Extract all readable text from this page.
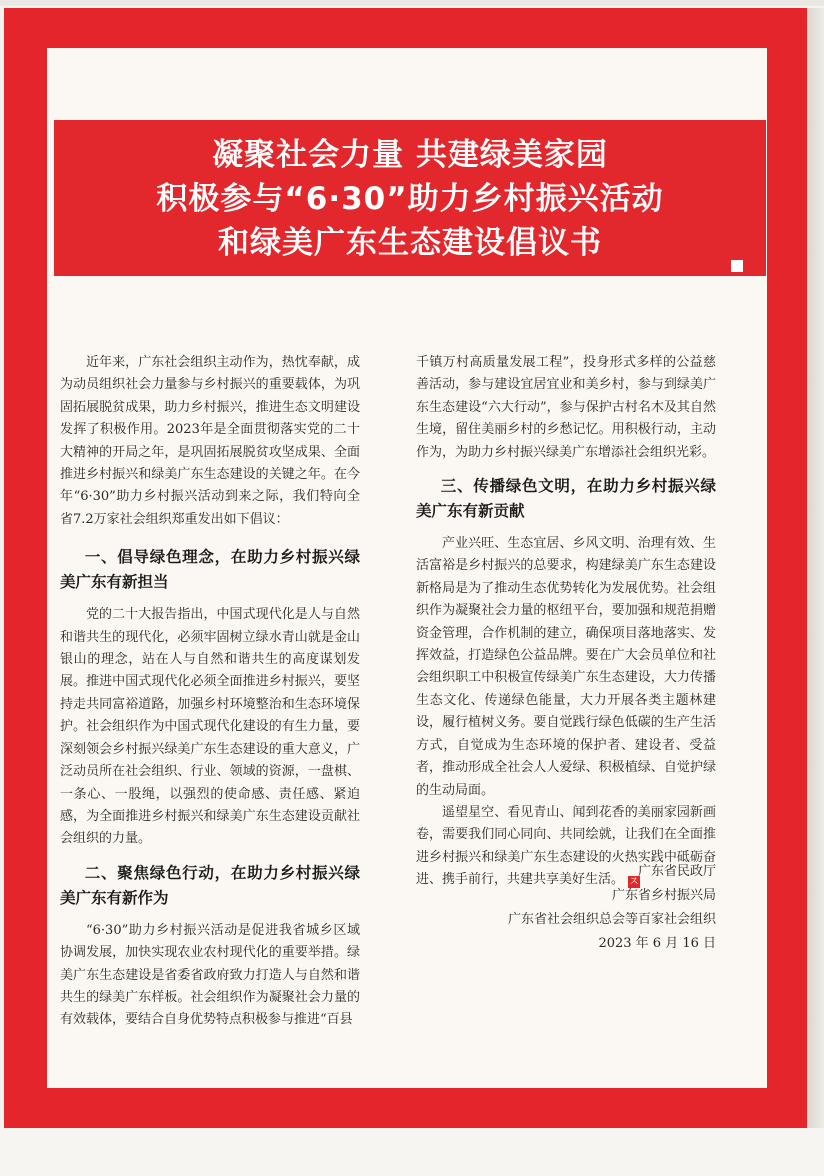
凝聚社会力量 共建绿美家园
积极参与“6·30”助力乡村振兴活动
和绿美广东生态建设倡议书

近年来，广东社会组织主动作为，热忱奉献，成为动员组织社会力量参与乡村振兴的重要载体，为巩固拓展脱贫成果，助力乡村振兴，推进生态文明建设发挥了积极作用。2023年是全面贯彻落实党的二十大精神的开局之年，是巩固拓展脱贫攻坚成果、全面推进乡村振兴和绿美广东生态建设的关键之年。在今年“6·30”助力乡村振兴活动到来之际，我们特向全省7.2万家社会组织郑重发出如下倡议：

一、倡导绿色理念，在助力乡村振兴绿美广东有新担当

党的二十大报告指出，中国式现代化是人与自然和谐共生的现代化，必须牢固树立绿水青山就是金山银山的理念，站在人与自然和谐共生的高度谋划发展。推进中国式现代化必须全面推进乡村振兴，要坚持走共同富裕道路，加强乡村环境整治和生态环境保护。社会组织作为中国式现代化建设的有生力量，要深刻领会乡村振兴绿美广东生态建设的重大意义，广泛动员所在社会组织、行业、领域的资源，一盘棋、一条心、一股绳，以强烈的使命感、责任感、紧迫感，为全面推进乡村振兴和绿美广东生态建设贡献社会组织的力量。

二、聚焦绿色行动，在助力乡村振兴绿美广东有新作为

“6·30”助力乡村振兴活动是促进我省城乡区域协调发展，加快实现农业农村现代化的重要举措。绿美广东生态建设是省委省政府致力打造人与自然和谐共生的绿美广东样板。社会组织作为凝聚社会力量的有效载体，要结合自身优势特点积极参与推进“百县

千镇万村高质量发展工程”，投身形式多样的公益慈善活动，参与建设宜居宜业和美乡村，参与到绿美广东生态建设“六大行动”，参与保护古村名木及其自然生境，留住美丽乡村的乡愁记忆。用积极行动，主动作为，为助力乡村振兴绿美广东增添社会组织光彩。

三、传播绿色文明，在助力乡村振兴绿美广东有新贡献

产业兴旺、生态宜居、乡风文明、治理有效、生活富裕是乡村振兴的总要求，构建绿美广东生态建设新格局是为了推动生态优势转化为发展优势。社会组织作为凝聚社会力量的枢纽平台，要加强和规范捐赠资金管理，合作机制的建立，确保项目落地落实、发挥效益，打造绿色公益品牌。要在广大会员单位和社会组织职工中积极宣传绿美广东生态建设，大力传播生态文化、传递绿色能量，大力开展各类主题林建设，履行植树义务。要自觉践行绿色低碳的生产生活方式，自觉成为生态环境的保护者、建设者、受益者，推动形成全社会人人爱绿、积极植绿、自觉护绿的生动局面。

遥望星空、看见青山、闻到花香的美丽家园新画卷，需要我们同心同向、共同绘就，让我们在全面推进乡村振兴和绿美广东生态建设的火热实践中砥砺奋进、携手前行，共建共享美好生活。 ス

广东省民政厅
广东省乡村振兴局
广东省社会组织总会等百家社会组织
2023 年 6 月 16 日
